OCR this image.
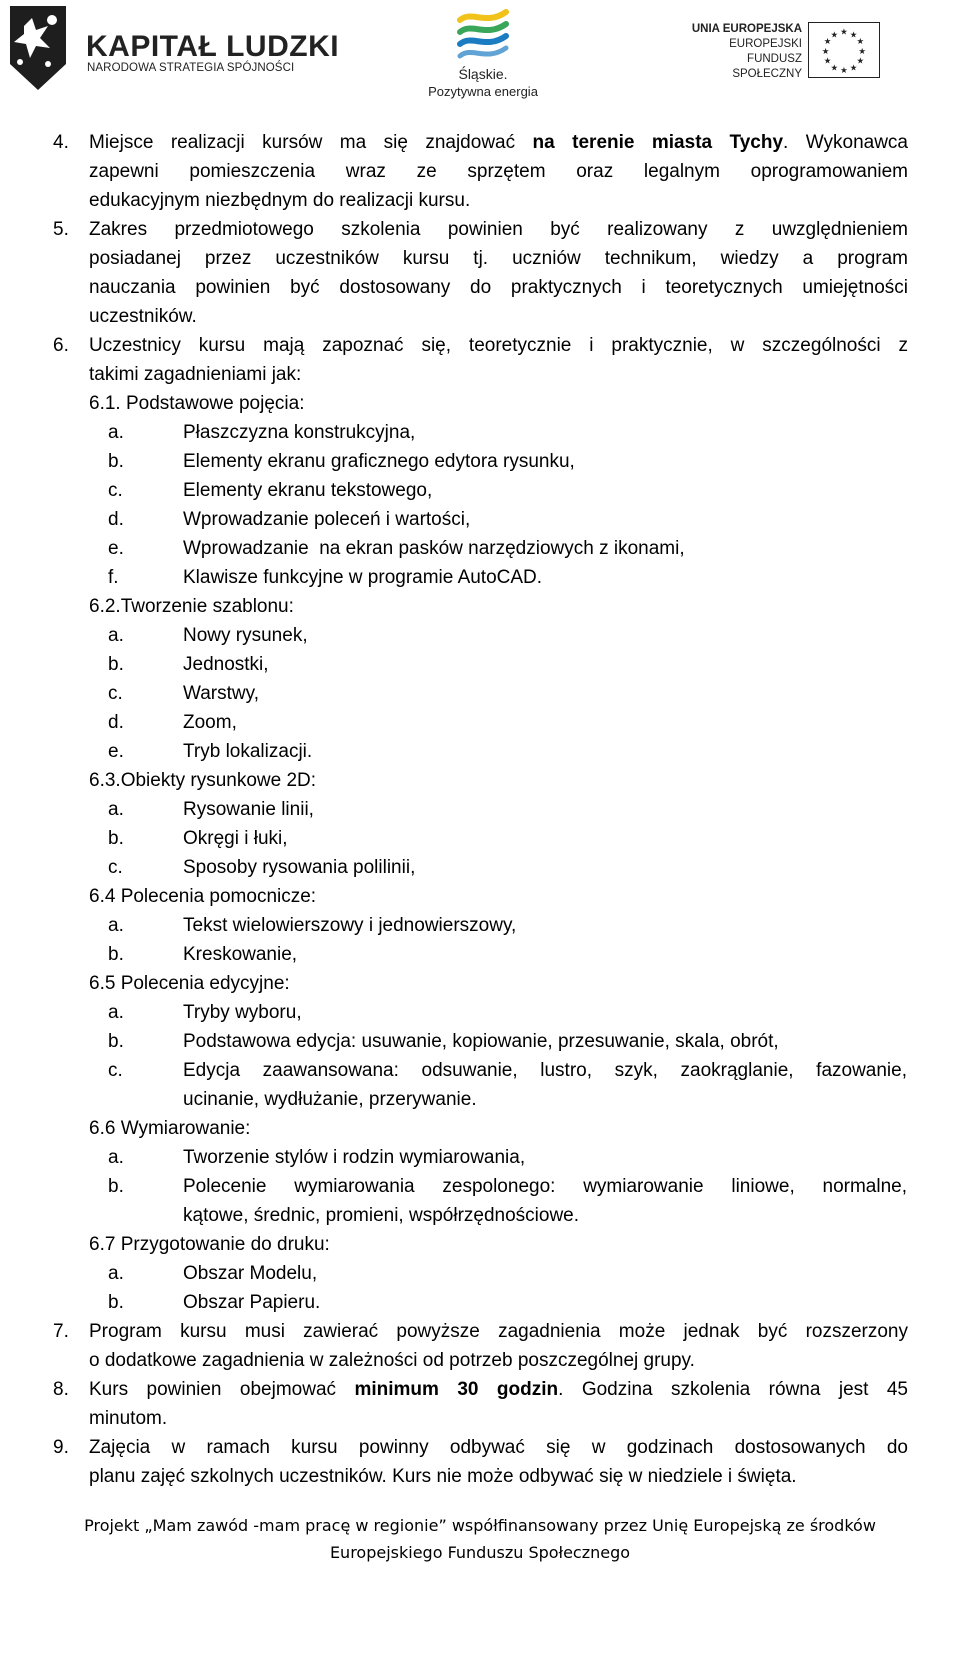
KAPITAŁ LUDZKI
NARODOWA STRATEGIA SPÓJNOŚCI	Śląskie.
Pozytywna energia
UNIA EUROPEJSKA
EUROPEJSKI
FUNDUSZ SPOŁECZNY
★ ★
★
★
★
★
★
★
★
★
★
★
4. Miejsce realizacji kursów ma się znajdować na terenie miasta Tychy. Wykonawca
zapewni pomieszczenia wraz ze sprzętem oraz legalnym oprogramowaniem
edukacyjnym niezbędnym do realizacji kursu.
5. Zakres przedmiotowego szkolenia powinien być realizowany z uwzględnieniem
posiadanej przez uczestników kursu tj. uczniów technikum, wiedzy a program
nauczania powinien być dostosowany do praktycznych i teoretycznych umiejętności
uczestników.
6. Uczestnicy kursu mają zapoznać się, teoretycznie i praktycznie, w szczególności z
takimi zagadnieniami jak:
6.1. Podstawowe pojęcia:
a.	Płaszczyzna konstrukcyjna,
b.	Elementy ekranu graficznego edytora rysunku,
c.	Elementy ekranu tekstowego,
d.	Wprowadzanie poleceń i wartości,
e.	Wprowadzanie  na ekran pasków narzędziowych z ikonami,
f.	Klawisze funkcyjne w programie AutoCAD.
6.2.Tworzenie szablonu:
a.	Nowy rysunek,
b.	Jednostki,
c.	Warstwy,
d.	Zoom,
e.	Tryb lokalizacji.
6.3.Obiekty rysunkowe 2D:
a.	Rysowanie linii,
b.	Okręgi i łuki,
c.	Sposoby rysowania polilinii,
6.4 Polecenia pomocnicze:
a.	Tekst wielowierszowy i jednowierszowy,
b.	Kreskowanie,
6.5 Polecenia edycyjne:
a.	Tryby wyboru,
b.	Podstawowa edycja: usuwanie, kopiowanie, przesuwanie, skala, obrót,
c.	Edycja zaawansowana: odsuwanie, lustro, szyk, zaokrąglanie, fazowanie,
ucinanie, wydłużanie, przerywanie.
6.6 Wymiarowanie:
a.	Tworzenie stylów i rodzin wymiarowania,
b.	Polecenie wymiarowania zespolonego: wymiarowanie liniowe, normalne,
kątowe, średnic, promieni, współrzędnościowe.
6.7 Przygotowanie do druku:
a.	Obszar Modelu,
b.	Obszar Papieru.
7. Program kursu musi zawierać powyższe zagadnienia może jednak być rozszerzony
o dodatkowe zagadnienia w zależności od potrzeb poszczególnej grupy.
8. Kurs powinien obejmować minimum 30 godzin. Godzina szkolenia równa jest 45
minutom.
9. Zajęcia w ramach kursu powinny odbywać się w godzinach dostosowanych do
planu zajęć szkolnych uczestników. Kurs nie może odbywać się w niedziele i święta.
Projekt „Mam zawód -mam pracę w regionie” współfinansowany przez Unię Europejską ze środków
Europejskiego Funduszu Społecznego
